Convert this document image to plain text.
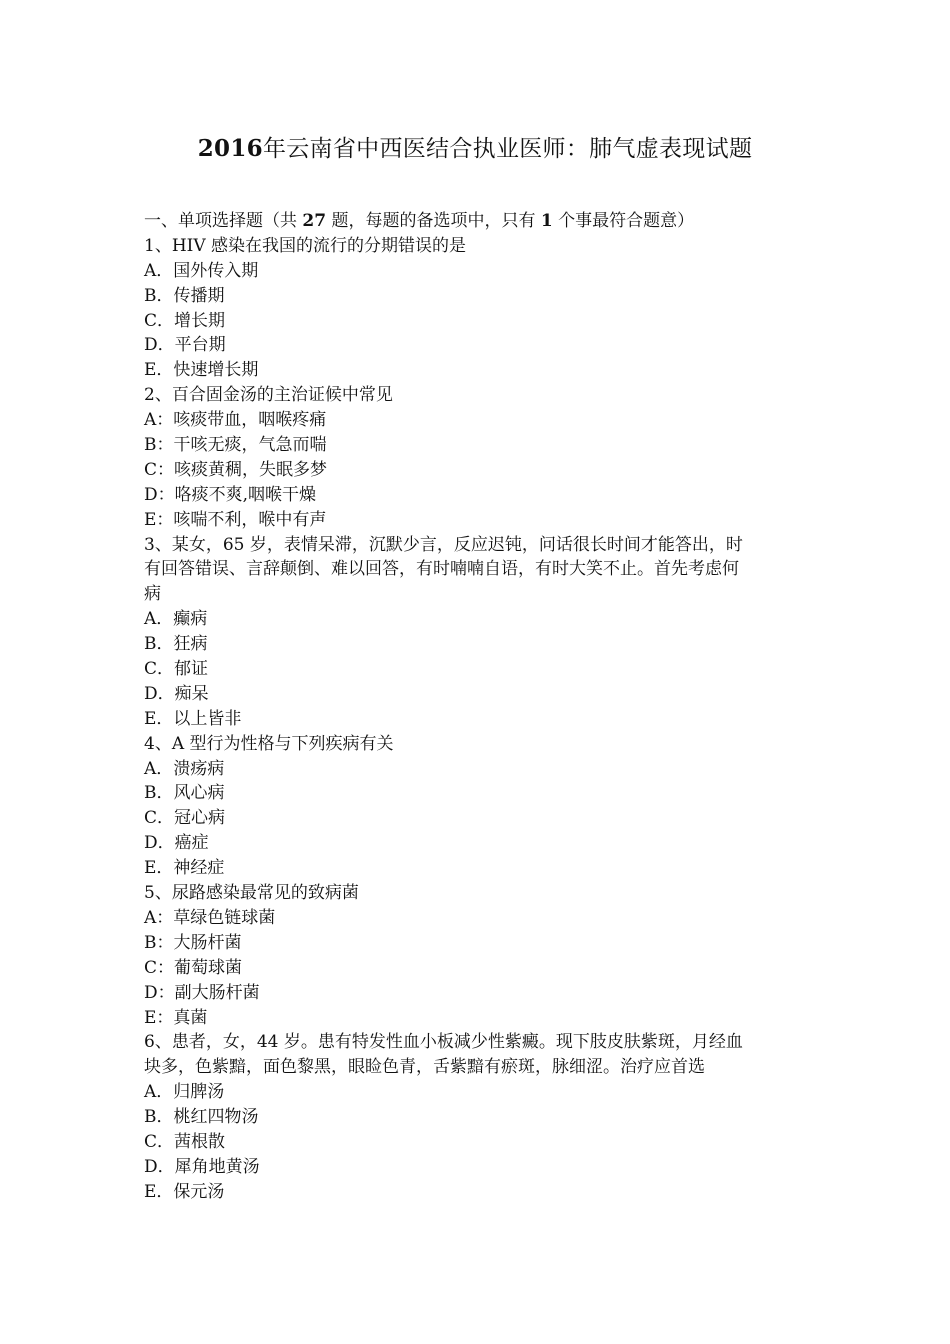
2016年云南省中西医结合执业医师：肺气虚表现试题
一、单项选择题（共 27 题，每题的备选项中，只有 1 个事最符合题意）
1、HIV 感染在我国的流行的分期错误的是
A．国外传入期
B．传播期
C．增长期
D．平台期
E．快速增长期
2、百合固金汤的主治证候中常见
A：咳痰带血，咽喉疼痛
B：干咳无痰，气急而喘
C：咳痰黄稠，失眠多梦
D：咯痰不爽,咽喉干燥
E：咳喘不利，喉中有声
3、某女，65 岁，表情呆滞，沉默少言，反应迟钝，问话很长时间才能答出，时
有回答错误、言辞颠倒、难以回答，有时喃喃自语，有时大笑不止。首先考虑何
病
A．癫病
B．狂病
C．郁证
D．痴呆
E．以上皆非
4、A 型行为性格与下列疾病有关
A．溃疡病
B．风心病
C．冠心病
D．癌症
E．神经症
5、尿路感染最常见的致病菌
A：草绿色链球菌
B：大肠杆菌
C：葡萄球菌
D：副大肠杆菌
E：真菌
6、患者，女，44 岁。患有特发性血小板减少性紫癜。现下肢皮肤紫斑，月经血
块多，色紫黯，面色黎黑，眼睑色青，舌紫黯有瘀斑，脉细涩。治疗应首选
A．归脾汤
B．桃红四物汤
C．茜根散
D．犀角地黄汤
E．保元汤
